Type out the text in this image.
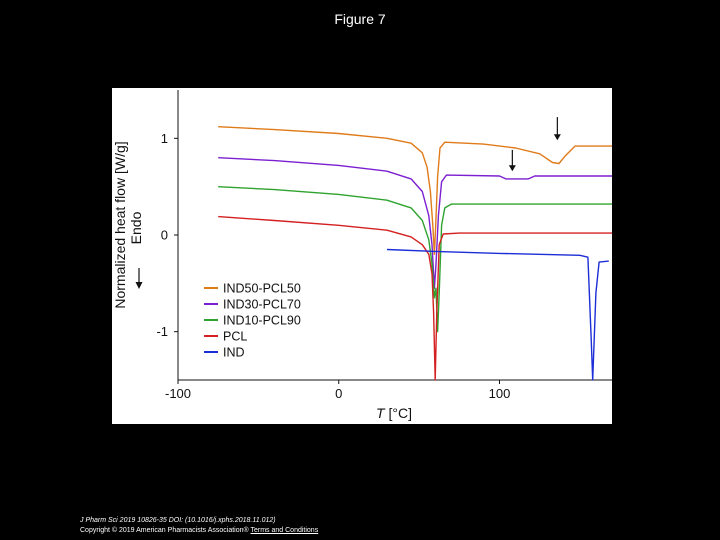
Figure 7
-100	0	100
1
0
-1
IND50-PCL50
IND30-PCL70
IND10-PCL90
PCL
IND
T [°C]
Normalized heat flow [W/g] Endo
J Pharm Sci 2019 10826-35 DOI: (10.1016/j.xphs.2018.11.012)
Copyright © 2019 American Pharmacists Association® Terms and Conditions
